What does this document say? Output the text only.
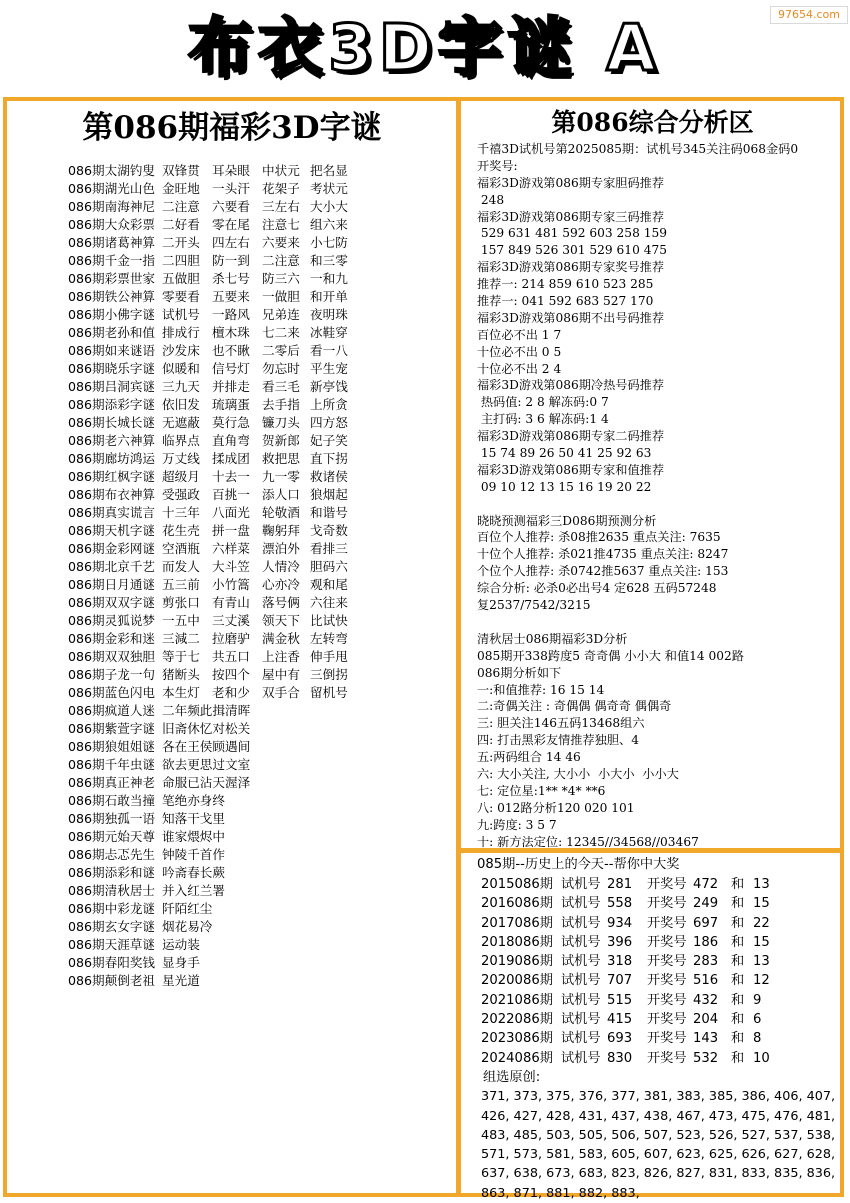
97654.com
布衣3D字谜 A
第086期福彩3D字谜
086期太湖钓叟 双锋贯 耳朵眼 中状元 把名显
086期湖光山色 金旺地 一头汗 花架子 考状元
086期南海神尼 二注意 六要看 三左右 大小大
086期大众彩票 二好看 零在尾 注意七 组六来
086期诸葛神算 二开头 四左右 六要来 小七防
086期千金一指 二四胆 防一到 二注意 和三零
086期彩票世家 五做胆 杀七号 防三六 一和九
086期铁公神算 零要看 五要来 一做胆 和开单
086期小佛字谜 试机号 一路风 兄弟连 夜明珠
086期老孙和值 排成行 檀木珠 七二来 冰鞋穿
086期如来谜语 沙发床 也不瞅 二零后 看一八
086期晓乐字谜 似暖和 信号灯 勿忘时 平生宠
086期吕洞宾谜 三九天 并排走 看三毛 新亭饯
086期添彩字谜 依旧发 琉璃蛋 去手指 上所贪
086期长城长谜 无遮蔽 莫行急 镰刀头 四方怒
086期老六神算 临界点 直角弯 贺新郎 妃子笑
086期廊坊鸿运 万丈线 揉成团 救把思 直下拐
086期红枫字谜 超级月 十去一 九一零 救诸侯
086期布衣神算 受强政 百挑一 添人口 狼烟起
086期真实谎言 十三年 八面光 轮敬酒 和谐号
086期天机字谜 花生壳 拼一盘 鞠躬拜 戈奇数
086期金彩网谜 空酒瓶 六样菜 漂泊外 看排三
086期北京千艺 而发人 大斗笠 人情冷 胆码六
086期日月通谜 五三前 小竹篙 心亦冷 观和尾
086期双双字谜 剪张口 有青山 落号俩 六往来
086期灵狐说梦 一五中 三丈溪 领天下 比试快
086期金彩和迷 三減二 拉磨驴 满金秋 左转弯
086期双双独胆 等于七 共五口 上注香 伸手甩
086期子龙一句 猪断头 按四个 屋中有 三倒拐
086期蓝色闪电 本生灯 老和少 双手合 留机号
086期疯道人迷 二年频此揖清晖
086期紫萱字谜 旧斋休忆对松关
086期狼姐姐谜 各在王侯顾遇间
086期千年虫谜 欲去更思过文室
086期真正神老 命服已沾天渥泽
086期石敢当撞 笔绝亦身终
086期独孤一语 知落干戈里
086期元始天尊 谁家煨烬中
086期忐忑先生 钟陵千首作
086期添彩和谜 吟斋春长蕨
086期清秋居士 并入红兰署
086期中彩龙谜 阡陌红尘
086期玄女字谜 烟花易冷
086期天涯草谜 运动装
086期春阳奖钱 显身手
086期颠倒老祖 星光道
第086综合分析区
千禧3D试机号第2025085期：试机号345关注码068金码0
开奖号:
福彩3D游戏第086期专家胆码推荐
248
福彩3D游戏第086期专家三码推荐
529 631 481 592 603 258 159
157 849 526 301 529 610 475
福彩3D游戏第086期专家奖号推荐
推荐一: 214 859 610 523 285
推荐一: 041 592 683 527 170
福彩3D游戏第086期不出号码推荐
百位必不出 1 7
十位必不出 0 5
十位必不出 2 4
福彩3D游戏第086期冷热号码推荐
热码值: 2 8 解冻码:0 7
主打码: 3 6 解冻码:1 4
福彩3D游戏第086期专家二码推荐
15 74 89 26 50 41 25 92 63
福彩3D游戏第086期专家和值推荐
09 10 12 13 15 16 19 20 22
晓晓预测福彩三D086期预测分析
百位个人推荐: 杀08推2635 重点关注: 7635
十位个人推荐: 杀021推4735 重点关注: 8247
个位个人推荐: 杀0742推5637 重点关注: 153
综合分析: 必杀0必出号4 定628 五码57248
复2537/7542/3215
清秋居士086期福彩3D分析
085期开338跨度5 奇奇偶 小小大 和值14 002路
086期分析如下
一:和值推荐: 16 15 14
二:奇偶关注 : 奇偶偶 偶奇奇 偶偶奇
三: 胆关注146五码13468组六
四: 打击黑彩友情推荐独胆、4
五:两码组合 14 46
六: 大小关注, 大小小  小大小  小小大
七: 定位星:1** *4* **6
八: 012路分析120 020 101
九:跨度: 3 5 7
十: 新方法定位: 12345//34568//03467
085期--历史上的今天--帮你中大奖
2015086期 试机号 281 开奖号 472 和 13
2016086期 试机号 558 开奖号 249 和 15
2017086期 试机号 934 开奖号 697 和 22
2018086期 试机号 396 开奖号 186 和 15
2019086期 试机号 318 开奖号 283 和 13
2020086期 试机号 707 开奖号 516 和 12
2021086期 试机号 515 开奖号 432 和 9
2022086期 试机号 415 开奖号 204 和 6
2023086期 试机号 693 开奖号 143 和 8
2024086期 试机号 830 开奖号 532 和 10
组选原创:
371, 373, 375, 376, 377, 381, 383, 385, 386, 406, 407, 426, 427, 428, 431, 437, 438, 467, 473, 475, 476, 481, 483, 485, 503, 505, 506, 507, 523, 526, 527, 537, 538, 571, 573, 581, 583, 605, 607, 623, 625, 626, 627, 628, 637, 638, 673, 683, 823, 826, 827, 831, 833, 835, 836, 863, 871, 881, 882, 883,
